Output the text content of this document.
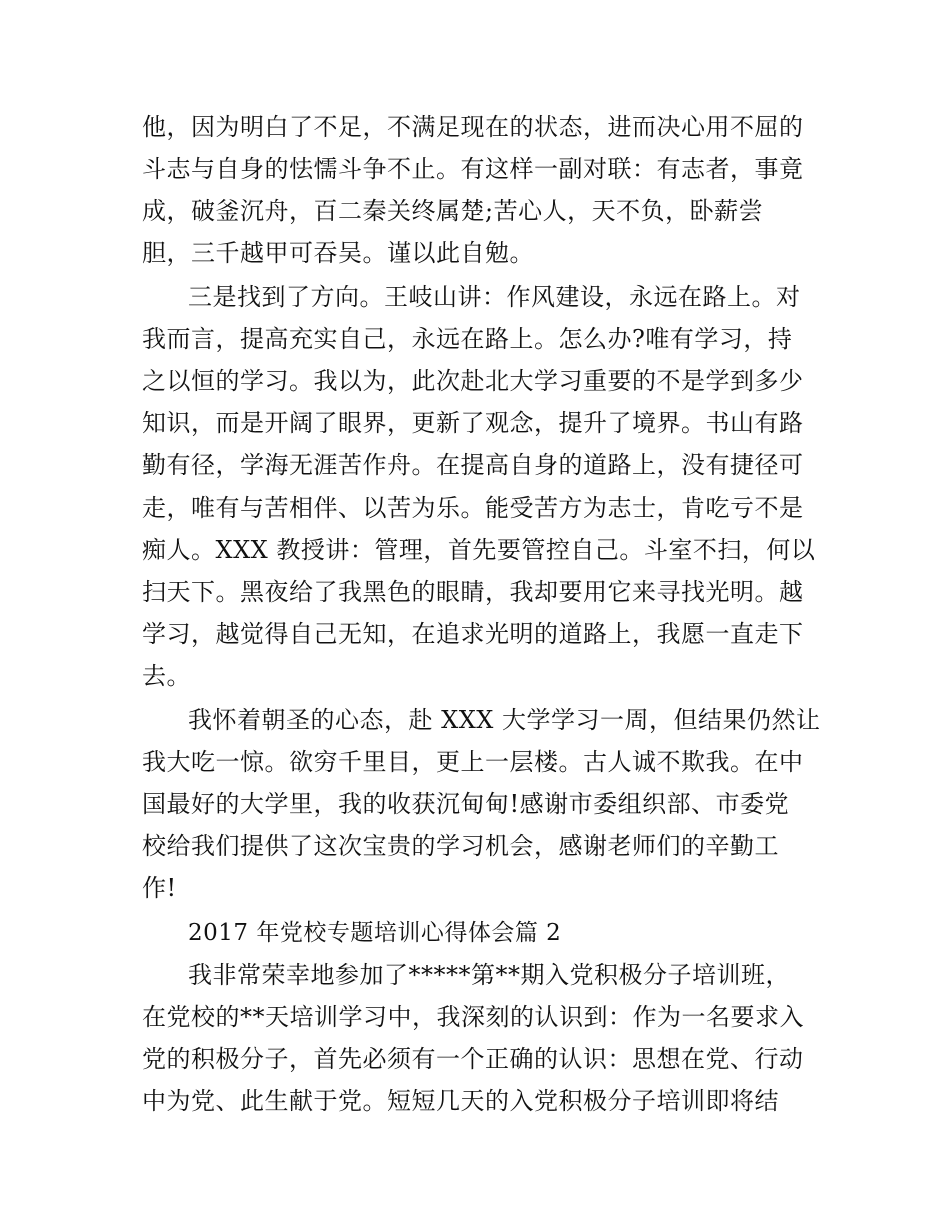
他，因为明白了不足，不满足现在的状态，进而决心用不屈的
斗志与自身的怯懦斗争不止。有这样一副对联：有志者，事竟
成，破釜沉舟，百二秦关终属楚;苦心人，天不负，卧薪尝
胆，三千越甲可吞吴。谨以此自勉。
三是找到了方向。王岐山讲：作风建设，永远在路上。对
我而言，提高充实自己，永远在路上。怎么办?唯有学习，持
之以恒的学习。我以为，此次赴北大学习重要的不是学到多少
知识，而是开阔了眼界，更新了观念，提升了境界。书山有路
勤有径，学海无涯苦作舟。在提高自身的道路上，没有捷径可
走，唯有与苦相伴、以苦为乐。能受苦方为志士，肯吃亏不是
痴人。XXX 教授讲：管理，首先要管控自己。斗室不扫，何以
扫天下。黑夜给了我黑色的眼睛，我却要用它来寻找光明。越
学习，越觉得自己无知，在追求光明的道路上，我愿一直走下
去。
我怀着朝圣的心态，赴 XXX 大学学习一周，但结果仍然让
我大吃一惊。欲穷千里目，更上一层楼。古人诚不欺我。在中
国最好的大学里，我的收获沉甸甸!感谢市委组织部、市委党
校给我们提供了这次宝贵的学习机会，感谢老师们的辛勤工
作!
2017 年党校专题培训心得体会篇 2
我非常荣幸地参加了*****第**期入党积极分子培训班，
在党校的**天培训学习中，我深刻的认识到：作为一名要求入
党的积极分子，首先必须有一个正确的认识：思想在党、行动
中为党、此生献于党。短短几天的入党积极分子培训即将结
